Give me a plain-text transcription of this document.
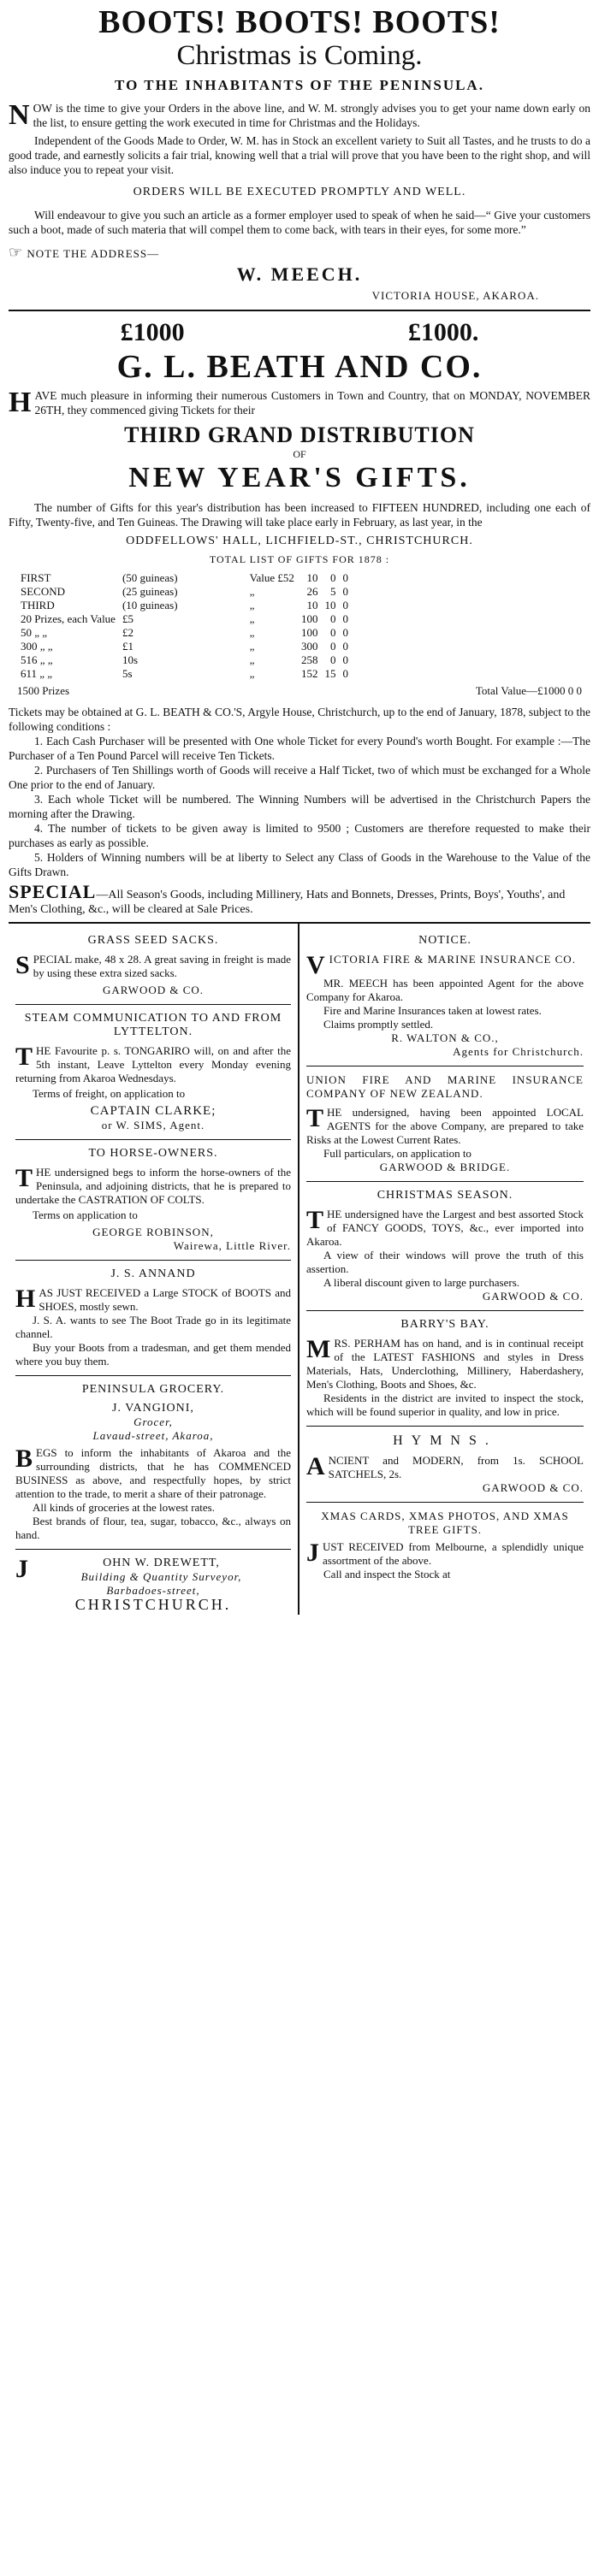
BOOTS! BOOTS! BOOTS!
Christmas is Coming.
TO THE INHABITANTS OF THE PENINSULA.
NOW is the time to give your Orders in the above line, and W. M. strongly advises you to get your name down early on the list, to ensure getting the work executed in time for Christmas and the Holidays.
Independent of the Goods Made to Order, W. M. has in Stock an excellent variety to Suit all Tastes, and he trusts to do a good trade, and earnestly solicits a fair trial, knowing well that a trial will prove that you have been to the right shop, and will also induce you to repeat your visit.
ORDERS WILL BE EXECUTED PROMPTLY AND WELL.
Will endeavour to give you such an article as a former employer used to speak of when he said—“ Give your customers such a boot, made of such materia that will compel them to come back, with tears in their eyes, for some more.”
☞ NOTE THE ADDRESS—
W. MEECH.
VICTORIA HOUSE, AKAROA.
£1000	£1000.
G. L. BEATH AND CO.
HAVE much pleasure in informing their numerous Customers in Town and Country, that on MONDAY, NOVEMBER 26TH, they commenced giving Tickets for their
THIRD GRAND DISTRIBUTION
OF
NEW YEAR'S GIFTS.
The number of Gifts for this year's distribution has been increased to FIFTEEN HUNDRED, including one each of Fifty, Twenty-five, and Ten Guineas. The Drawing will take place early in February, as last year, in the
ODDFELLOWS' HALL, LICHFIELD-ST., CHRISTCHURCH.
TOTAL LIST OF GIFTS FOR 1878 :
FIRST	(50 guineas)	Value £52	10	0	0
SECOND	(25 guineas)	„	26	5	0
THIRD	(10 guineas)	„	10	10	0
20 Prizes, each Value	£5	„	100	0	0
50 „ „	£2	„	100	0	0
300 „ „	£1	„	300	0	0
516 „ „	10s	„	258	0	0
611 „ „	5s	„	152	15	0
1500 Prizes	Total Value—£1000 0 0
Tickets may be obtained at G. L. BEATH & CO.'S, Argyle House, Christchurch, up to the end of January, 1878, subject to the following conditions :
1. Each Cash Purchaser will be presented with One whole Ticket for every Pound's worth Bought. For example :—The Purchaser of a Ten Pound Parcel will receive Ten Tickets.
2. Purchasers of Ten Shillings worth of Goods will receive a Half Ticket, two of which must be exchanged for a Whole One prior to the end of January.
3. Each whole Ticket will be numbered. The Winning Numbers will be advertised in the Christchurch Papers the morning after the Drawing.
4. The number of tickets to be given away is limited to 9500 ; Customers are therefore requested to make their purchases as early as possible.
5. Holders of Winning numbers will be at liberty to Select any Class of Goods in the Warehouse to the Value of the Gifts Drawn.
SPECIAL—All Season's Goods, including Millinery, Hats and Bonnets, Dresses, Prints, Boys', Youths', and Men's Clothing, &c., will be cleared at Sale Prices.
GRASS SEED SACKS.
SPECIAL make, 48 x 28. A great saving in freight is made by using these extra sized sacks.
GARWOOD & CO.
STEAM COMMUNICATION TO AND FROM LYTTELTON.
THE Favourite p. s. TONGARIRO will, on and after the 5th instant, Leave Lyttelton every Monday evening returning from Akaroa Wednesdays.
Terms of freight, on application to
CAPTAIN CLARKE;
or W. SIMS, Agent.
TO HORSE-OWNERS.
THE undersigned begs to inform the horse-owners of the Peninsula, and adjoining districts, that he is prepared to undertake the CASTRATION OF COLTS.
Terms on application to
GEORGE ROBINSON,
Wairewa, Little River.
J. S. ANNAND
HAS JUST RECEIVED a Large STOCK of BOOTS and SHOES, mostly sewn.
J. S. A. wants to see The Boot Trade go in its legitimate channel.
Buy your Boots from a tradesman, and get them mended where you buy them.
PENINSULA GROCERY.
J. VANGIONI,
Grocer,
Lavaud-street, Akaroa,
BEGS to inform the inhabitants of Akaroa and the surrounding districts, that he has COMMENCED BUSINESS as above, and respectfully hopes, by strict attention to the trade, to merit a share of their patronage.
All kinds of groceries at the lowest rates.
Best brands of flour, tea, sugar, tobacco, &c., always on hand.
J	OHN W. DREWETT,
Building & Quantity Surveyor,
Barbadoes-street,
CHRISTCHURCH.
NOTICE.
VICTORIA FIRE & MARINE INSURANCE CO.
MR. MEECH has been appointed Agent for the above Company for Akaroa.
Fire and Marine Insurances taken at lowest rates.
Claims promptly settled.
R. WALTON & CO.,
Agents for Christchurch.
UNION FIRE AND MARINE INSURANCE COMPANY OF NEW ZEALAND.
THE undersigned, having been appointed LOCAL AGENTS for the above Company, are prepared to take Risks at the Lowest Current Rates.
Full particulars, on application to
GARWOOD & BRIDGE.
CHRISTMAS SEASON.
THE undersigned have the Largest and best assorted Stock of FANCY GOODS, TOYS, &c., ever imported into Akaroa.
A view of their windows will prove the truth of this assertion.
A liberal discount given to large purchasers.
GARWOOD & CO.
BARRY'S BAY.
MRS. PERHAM has on hand, and is in continual receipt of the LATEST FASHIONS and styles in Dress Materials, Hats, Underclothing, Millinery, Haberdashery, Men's Clothing, Boots and Shoes, &c.
Residents in the district are invited to inspect the stock, which will be found superior in quality, and low in price.
HYMNS.
ANCIENT and MODERN, from 1s. SCHOOL SATCHELS, 2s.
GARWOOD & CO.
XMAS CARDS, XMAS PHOTOS, AND XMAS TREE GIFTS.
JUST RECEIVED from Melbourne, a splendidly unique assortment of the above.
Call and inspect the Stock at
